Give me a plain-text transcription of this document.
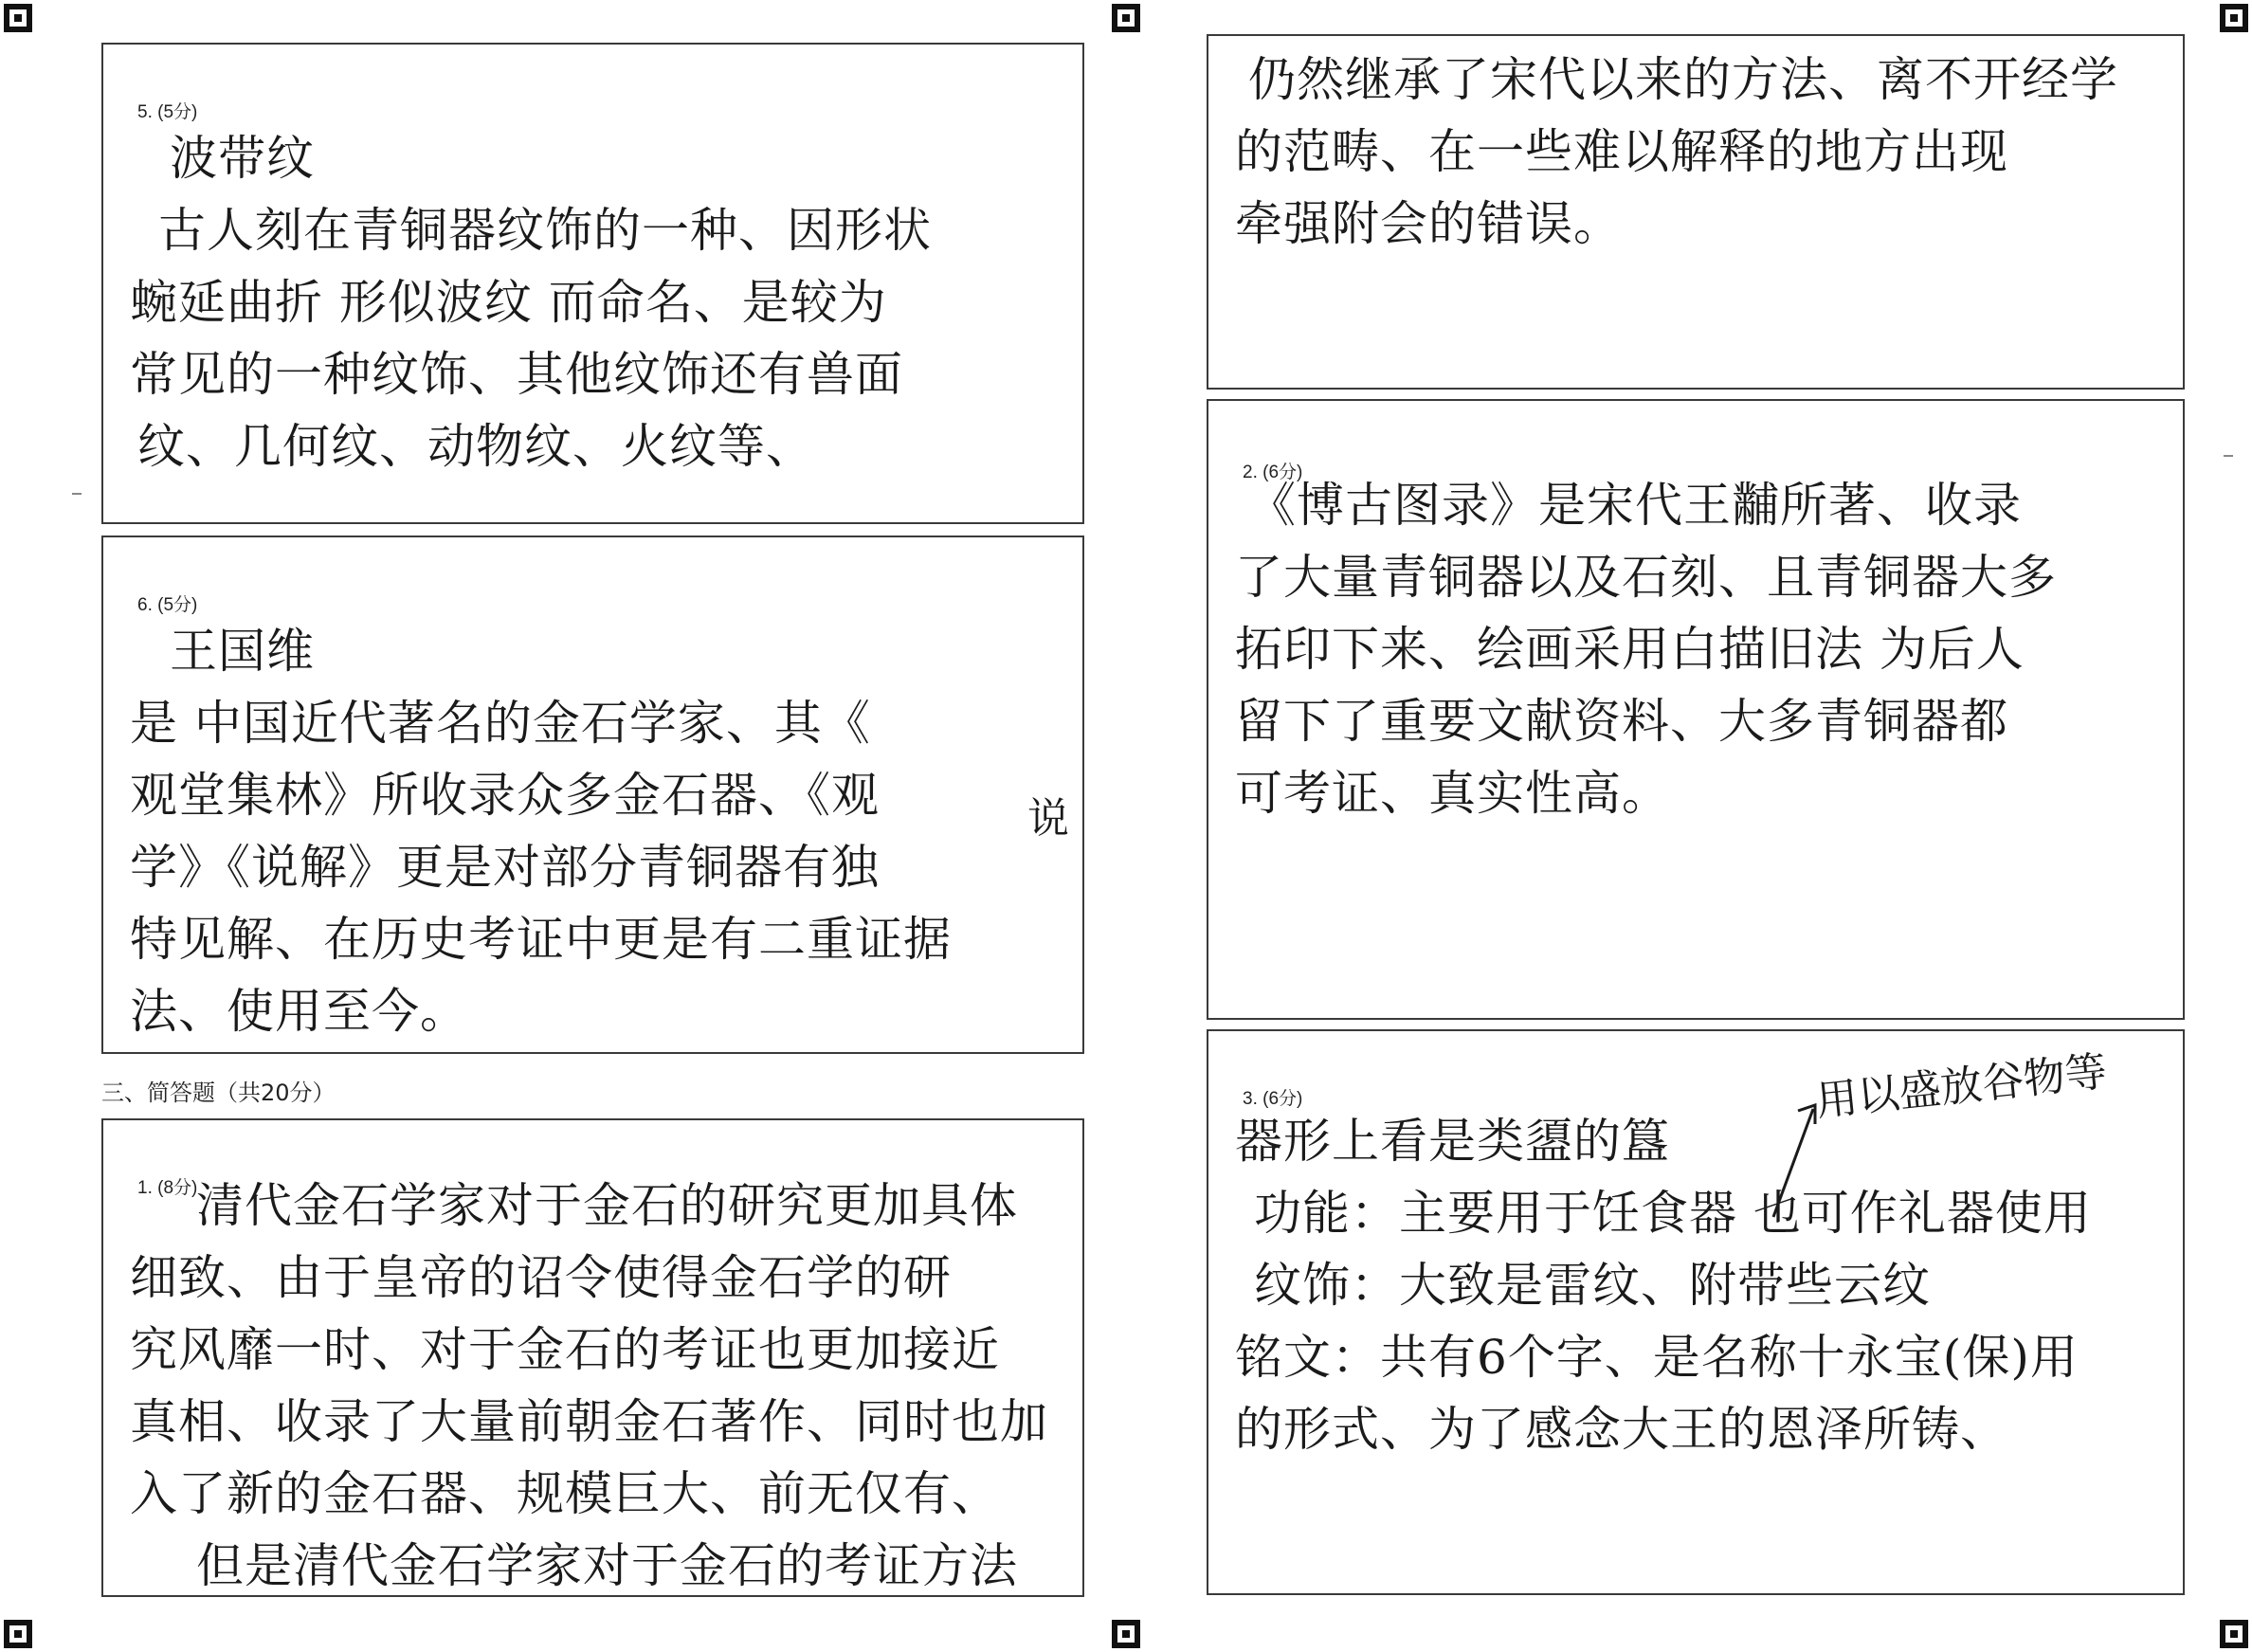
5. (5分)
波带纹
古人刻在青铜器纹饰的一种、因形状
蜿延曲折 形似波纹 而命名、是较为
常见的一种纹饰、其他纹饰还有兽面
纹、几何纹、动物纹、火纹等、
6. (5分)
王国维
是 中国近代著名的金石学家、其《
观堂集林》所收录众多金石器、《观
学》《说解》更是对部分青铜器有独
特见解、在历史考证中更是有二重证据
法、使用至今。
说
三、简答题（共20分）
1. (8分)
清代金石学家对于金石的研究更加具体
细致、由于皇帝的诏令使得金石学的研
究风靡一时、对于金石的考证也更加接近
真相、收录了大量前朝金石著作、同时也加
入了新的金石器、规模巨大、前无仅有、
但是清代金石学家对于金石的考证方法
仍然继承了宋代以来的方法、离不开经学
的范畴、在一些难以解释的地方出现
牵强附会的错误。
2. (6分)
《博古图录》是宋代王黼所著、收录
了大量青铜器以及石刻、且青铜器大多
拓印下来、绘画采用白描旧法 为后人
留下了重要文献资料、大多青铜器都
可考证、真实性高。
3. (6分)	用以盛放谷物等
器形上看是类盨的簋
功能：主要用于饪食器 也可作礼器使用
纹饰：大致是雷纹、附带些云纹
铭文：共有6个字、是名称十永宝(保)用
的形式、为了感念大王的恩泽所铸、
